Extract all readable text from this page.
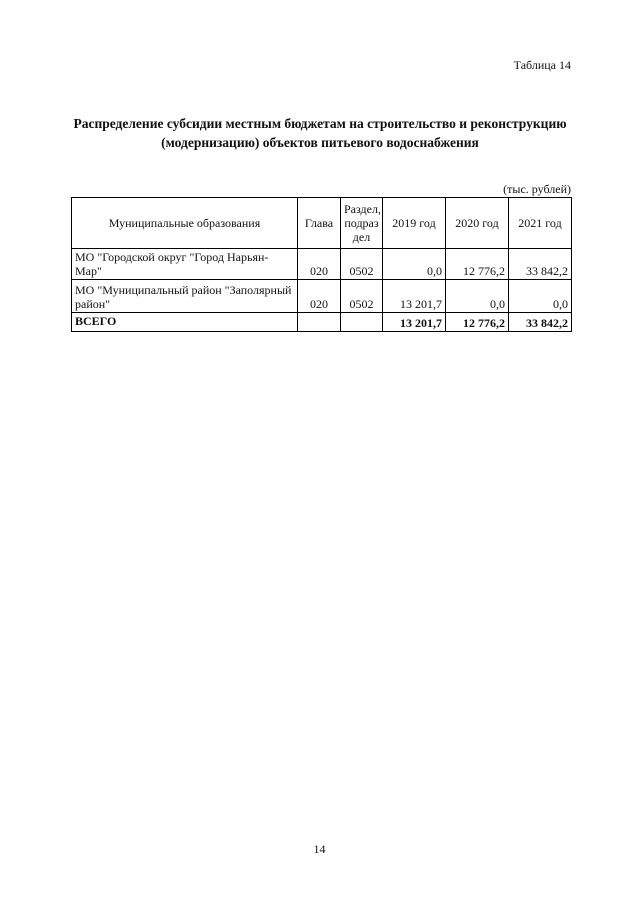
Таблица 14
Распределение субсидии местным бюджетам на строительство и реконструкцию
(модернизацию) объектов питьевого водоснабжения
(тыс. рублей)
Муниципальные образования	Глава	Раздел,
подраз
дел	2019 год	2020 год	2021 год
МО "Городской округ "Город Нарьян-Мар"	020	0502	0,0	12 776,2	33 842,2
МО "Муниципальный район "Заполярный район"	020	0502	13 201,7	0,0	0,0
ВСЕГО			13 201,7	12 776,2	33 842,2
14
